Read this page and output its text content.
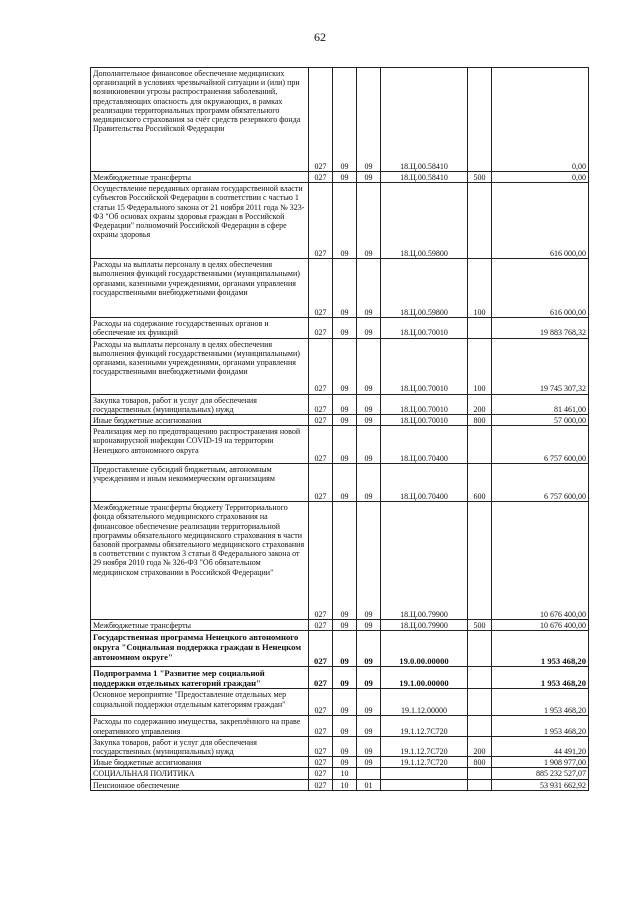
62
Дополнительное финансовое обеспечение медицинских организаций в условиях чрезвычайной ситуации и (или) при возникновении угрозы распространения заболеваний, представляющих опасность для окружающих, в рамках реализации территориальных программ обязательного медицинского страхования за счёт средств резервного фонда Правительства Российской Федерации	027	09	09	18.Ц.00.58410		0,00
Межбюджетные трансферты	027	09	09	18.Ц.00.58410	500	0,00
Осуществление переданных органам государственной власти субъектов Российской Федерации в соответствии с частью 1 статьи 15 Федерального закона от 21 ноября 2011 года № 323-ФЗ "Об основах охраны здоровья граждан в Российской Федерации" полномочий Российской Федерации в сфере охраны здоровья	027	09	09	18.Ц.00.59800		616 000,00
Расходы на выплаты персоналу в целях обеспечения выполнения функций государственными (муниципальными) органами, казенными учреждениями, органами управления государственными внебюджетными фондами	027	09	09	18.Ц.00.59800	100	616 000,00
Расходы на содержание государственных органов и обеспечение их функций	027	09	09	18.Ц.00.70010		19 883 768,32
Расходы на выплаты персоналу в целях обеспечения выполнения функций государственными (муниципальными) органами, казенными учреждениями, органами управления государственными внебюджетными фондами	027	09	09	18.Ц.00.70010	100	19 745 307,32
Закупка товаров, работ и услуг для обеспечения государственных (муниципальных) нужд	027	09	09	18.Ц.00.70010	200	81 461,00
Иные бюджетные ассигнования	027	09	09	18.Ц.00.70010	800	57 000,00
Реализация мер по предотвращению распространения новой коронавирусной инфекции COVID-19 на территории Ненецкого автономного округа	027	09	09	18.Ц.00.70400		6 757 600,00
Предоставление субсидий бюджетным, автономным учреждениям и иным некоммерческим организациям	027	09	09	18.Ц.00.70400	600	6 757 600,00
Межбюджетные трансферты бюджету Территориального фонда обязательного медицинского страхования на финансовое обеспечение реализации территориальной программы обязательного медицинского страхования в части базовой программы обязательного медицинского страхования в соответствии с пунктом 3 статьи 8 Федерального закона от 29 ноября 2010 года № 326-ФЗ "Об обязательном медицинском страховании в Российской Федерации"	027	09	09	18.Ц.00.79900		10 676 400,00
Межбюджетные трансферты	027	09	09	18.Ц.00.79900	500	10 676 400,00
Государственная программа Ненецкого автономного округа "Социальная поддержка граждан в Ненецком автономном округе"	027	09	09	19.0.00.00000		1 953 468,20
Подпрограмма 1 "Развитие мер социальной поддержки отдельных категорий граждан"	027	09	09	19.1.00.00000		1 953 468,20
Основное мероприятие "Предоставление отдельных мер социальной поддержки отдельным категориям граждан"	027	09	09	19.1.12.00000		1 953 468,20
Расходы по содержанию имущества, закреплённого на праве оперативного управления	027	09	09	19.1.12.7С720		1 953 468,20
Закупка товаров, работ и услуг для обеспечения государственных (муниципальных) нужд	027	09	09	19.1.12.7С720	200	44 491,20
Иные бюджетные ассигнования	027	09	09	19.1.12.7С720	800	1 908 977,00
СОЦИАЛЬНАЯ ПОЛИТИКА	027	10				885 232 527,07
Пенсионное обеспечение	027	10	01			53 931 662,92
